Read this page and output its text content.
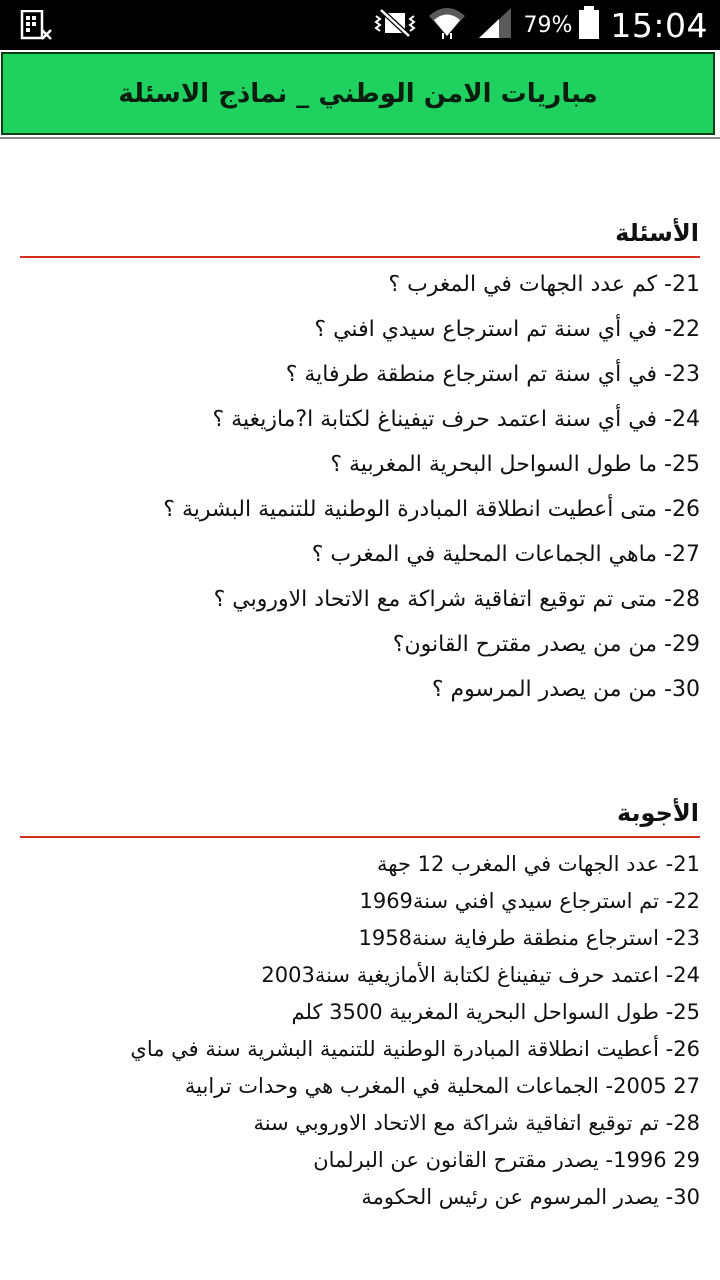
79% 15:04
مباريات الامن الوطني _ نماذج الاسئلة
الأسئلة
21- كم عدد الجهات في المغرب ؟
22- في أي سنة تم استرجاع سيدي افني ؟
23- في أي سنة تم استرجاع منطقة طرفاية ؟
24- في أي سنة اعتمد حرف تيفيناغ لكتابة ا?مازيغية ؟
25- ما طول السواحل البحرية المغربية ؟
26- متى أعطيت انطلاقة المبادرة الوطنية للتنمية البشرية ؟
27- ماهي الجماعات المحلية في المغرب ؟
28- متى تم توقيع اتفاقية شراكة مع الاتحاد الاوروبي ؟
29- من من يصدر مقترح القانون؟
30- من من يصدر المرسوم ؟
الأجوبة
21- عدد الجهات في المغرب 12 جهة
22- تم استرجاع سيدي افني سنة1969
23- استرجاع منطقة طرفاية سنة1958
24- اعتمد حرف تيفيناغ لكتابة الأمازيغية سنة2003
25- طول السواحل البحرية المغربية 3500 كلم
26- أعطيت انطلاقة المبادرة الوطنية للتنمية البشرية سنة في ماي
27 2005- الجماعات المحلية في المغرب هي وحدات ترابية
28- تم توقيع اتفاقية شراكة مع الاتحاد الاوروبي سنة
29 1996- يصدر مقترح القانون عن البرلمان
30- يصدر المرسوم عن رئيس الحكومة
